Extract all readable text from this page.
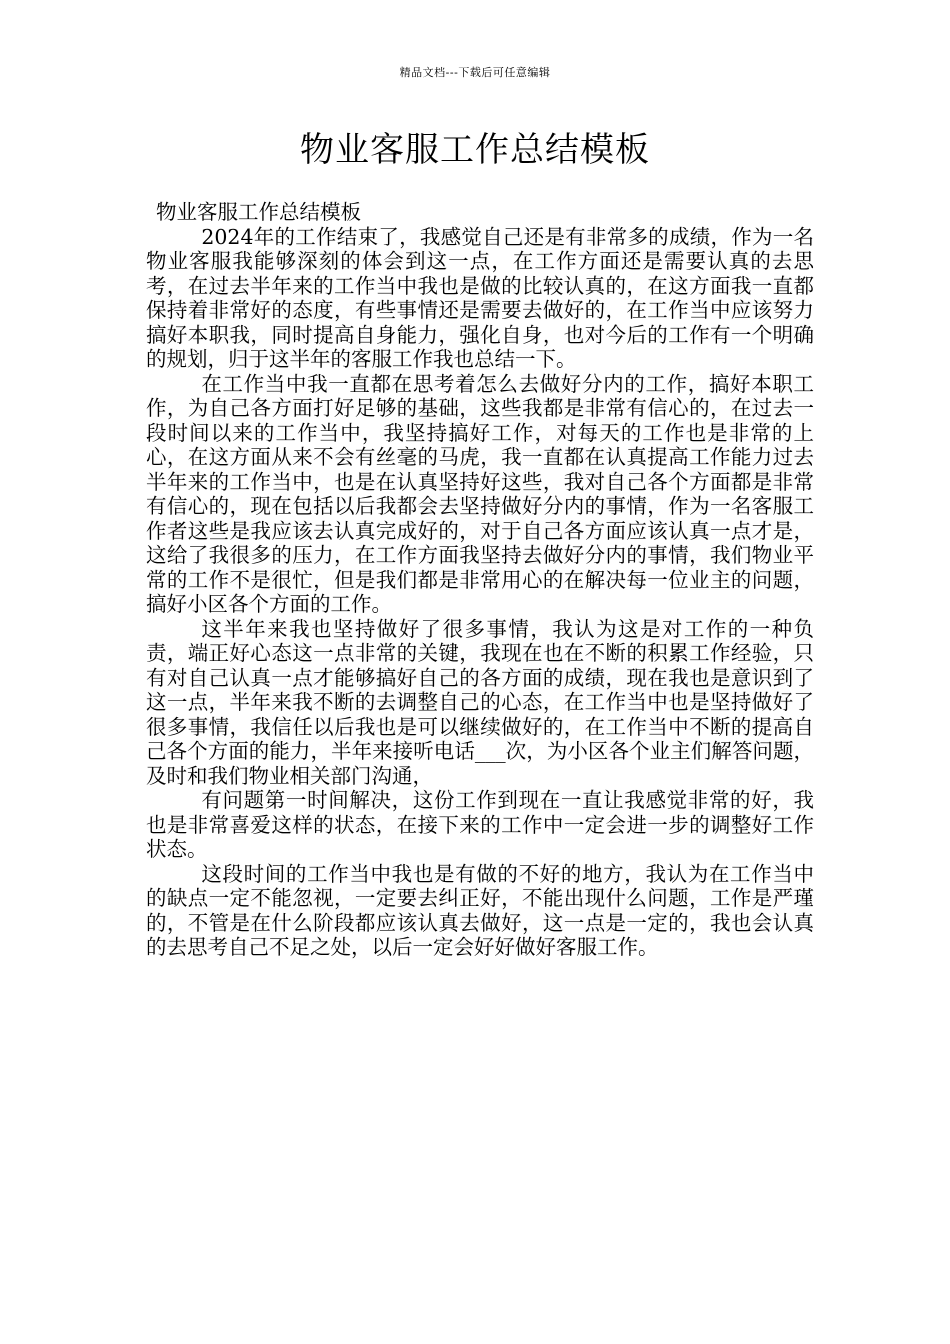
精品文档---下载后可任意编辑
物业客服工作总结模板

物业客服工作总结模板

2024年的工作结束了，我感觉自己还是有非常多的成绩，作为一名物业客服我能够深刻的体会到这一点，在工作方面还是需要认真的去思考，在过去半年来的工作当中我也是做的比较认真的，在这方面我一直都保持着非常好的态度，有些事情还是需要去做好的，在工作当中应该努力搞好本职我，同时提高自身能力，强化自身，也对今后的工作有一个明确的规划，归于这半年的客服工作我也总结一下。

在工作当中我一直都在思考着怎么去做好分内的工作，搞好本职工作，为自己各方面打好足够的基础，这些我都是非常有信心的，在过去一段时间以来的工作当中，我坚持搞好工作，对每天的工作也是非常的上心，在这方面从来不会有丝毫的马虎，我一直都在认真提高工作能力过去半年来的工作当中，也是在认真坚持好这些，我对自己各个方面都是非常有信心的，现在包括以后我都会去坚持做好分内的事情，作为一名客服工作者这些是我应该去认真完成好的，对于自己各方面应该认真一点才是，这给了我很多的压力，在工作方面我坚持去做好分内的事情，我们物业平常的工作不是很忙，但是我们都是非常用心的在解决每一位业主的问题，搞好小区各个方面的工作。

这半年来我也坚持做好了很多事情，我认为这是对工作的一种负责，端正好心态这一点非常的关键，我现在也在不断的积累工作经验，只有对自己认真一点才能够搞好自己的各方面的成绩，现在我也是意识到了这一点，半年来我不断的去调整自己的心态，在工作当中也是坚持做好了很多事情，我信任以后我也是可以继续做好的，在工作当中不断的提高自己各个方面的能力，半年来接听电话___次，为小区各个业主们解答问题，及时和我们物业相关部门沟通，

有问题第一时间解决，这份工作到现在一直让我感觉非常的好，我也是非常喜爱这样的状态，在接下来的工作中一定会进一步的调整好工作状态。

这段时间的工作当中我也是有做的不好的地方，我认为在工作当中的缺点一定不能忽视，一定要去纠正好，不能出现什么问题，工作是严瑾的，不管是在什么阶段都应该认真去做好，这一点是一定的，我也会认真的去思考自己不足之处，以后一定会好好做好客服工作。
